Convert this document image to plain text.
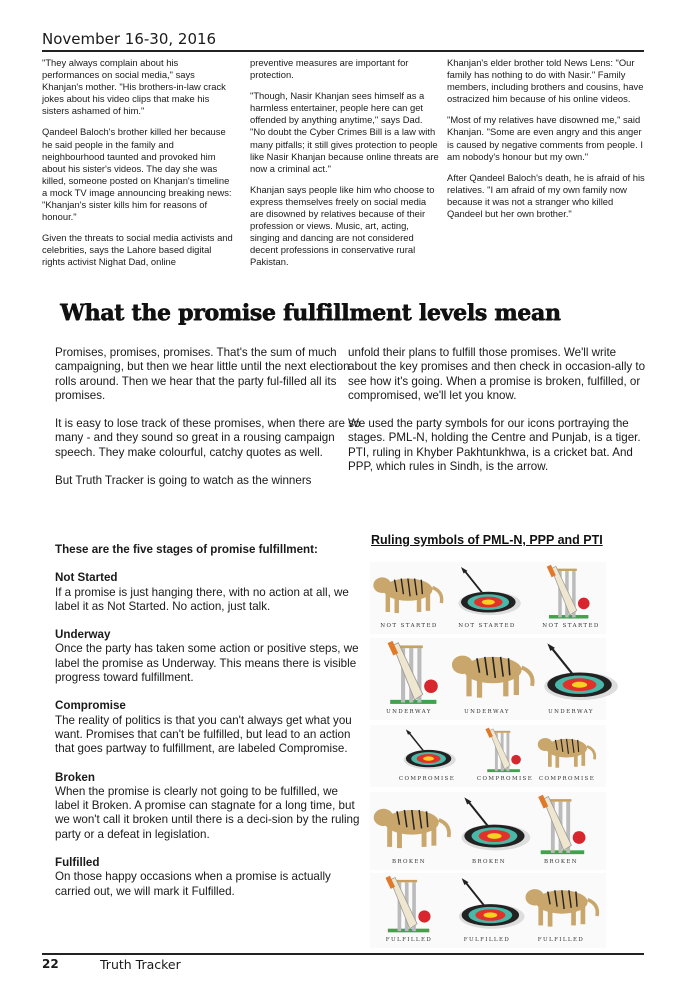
November 16-30, 2016

"They always complain about his performances on social media," says Khanjan's mother. "His brothers-in-law crack jokes about his video clips that make his sisters ashamed of him."

Qandeel Baloch's brother killed her because he said people in the family and neighbourhood taunted and provoked him about his sister's videos. The day she was killed, someone posted on Khanjan's timeline a mock TV image announcing breaking news: "Khanjan's sister kills him for reasons of honour."

Given the threats to social media activists and celebrities, says the Lahore based digital rights activist Nighat Dad, online

preventive measures are important for protection.

"Though, Nasir Khanjan sees himself as a harmless entertainer, people here can get offended by anything anytime," says Dad. "No doubt the Cyber Crimes Bill is a law with many pitfalls; it still gives protection to people like Nasir Khanjan because online threats are now a criminal act."

Khanjan says people like him who choose to express themselves freely on social media are disowned by relatives because of their profession or views. Music, art, acting, singing and dancing are not considered decent professions in conservative rural Pakistan.

Khanjan's elder brother told News Lens: "Our family has nothing to do with Nasir." Family members, including brothers and cousins, have ostracized him because of his online videos.

"Most of my relatives have disowned me," said Khanjan. "Some are even angry and this anger is caused by negative comments from people. I am nobody's honour but my own."

After Qandeel Baloch's death, he is afraid of his relatives. "I am afraid of my own family now because it was not a stranger who killed Qandeel but her own brother."

What the promise fulfillment levels mean

Promises, promises, promises. That's the sum of much campaigning, but then we hear little until the next election rolls around. Then we hear that the party ful-filled all its promises.

It is easy to lose track of these promises, when there are so many - and they sound so great in a rousing campaign speech. They make colourful, catchy quotes as well.

But Truth Tracker is going to watch as the winners

unfold their plans to fulfill those promises. We'll write about the key promises and then check in occasion-ally to see how it's going. When a promise is broken, fulfilled, or compromised, we'll let you know.

We used the party symbols for our icons portraying the stages. PML-N, holding the Centre and Punjab, is a tiger. PTI, ruling in Khyber Pakhtunkhwa, is a cricket bat. And PPP, which rules in Sindh, is the arrow.

These are the five stages of promise fulfillment:
Not Started
If a promise is just hanging there, with no action at all, we label it as Not Started. No action, just talk.
Underway
Once the party has taken some action or positive steps, we label the promise as Underway. This means there is visible progress toward fulfillment.
Compromise
The reality of politics is that you can't always get what you want. Promises that can't be fulfilled, but lead to an action that goes partway to fulfillment, are labeled Compromise.
Broken
When the promise is clearly not going to be fulfilled, we label it Broken. A promise can stagnate for a long time, but we won't call it broken until there is a deci-sion by the ruling party or a defeat in legislation.
Fulfilled
On those happy occasions when a promise is actually carried out, we will mark it Fulfilled.
Ruling symbols of PML-N, PPP and PTI
NOT STARTED	NOT STARTED	NOT STARTED
UNDERWAY	UNDERWAY	UNDERWAY
COMPROMISE	COMPROMISE	COMPROMISE
BROKEN	BROKEN	BROKEN
FULFILLED	FULFILLED	FULFILLED
22	Truth Tracker
